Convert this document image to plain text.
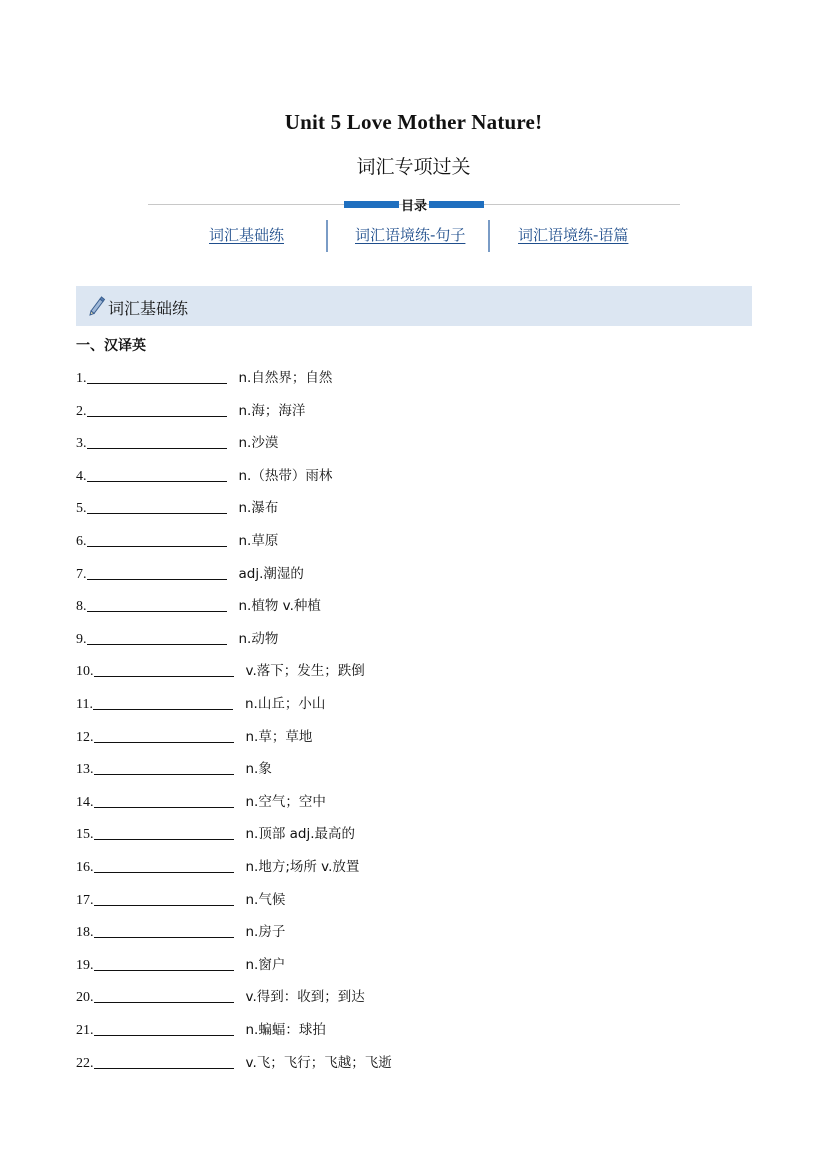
Unit 5 Love Mother Nature!
词汇专项过关
目录
词汇基础练	词汇语境练-句子	词汇语境练-语篇
词汇基础练
一、汉译英
1.	n.自然界；自然
2.	n.海；海洋
3.	n.沙漠
4.	n.（热带）雨林
5.	n.瀑布
6.	n.草原
7.	adj.潮湿的
8.	n.植物 v.种植
9.	n.动物
10.	v.落下；发生；跌倒
11.	n.山丘；小山
12.	n.草；草地
13.	n.象
14.	n.空气；空中
15.	n.顶部 adj.最高的
16.	n.地方;场所 v.放置
17.	n.气候
18.	n.房子
19.	n.窗户
20.	v.得到：收到；到达
21.	n.蝙蝠：球拍
22.	v.飞；飞行；飞越；飞逝
